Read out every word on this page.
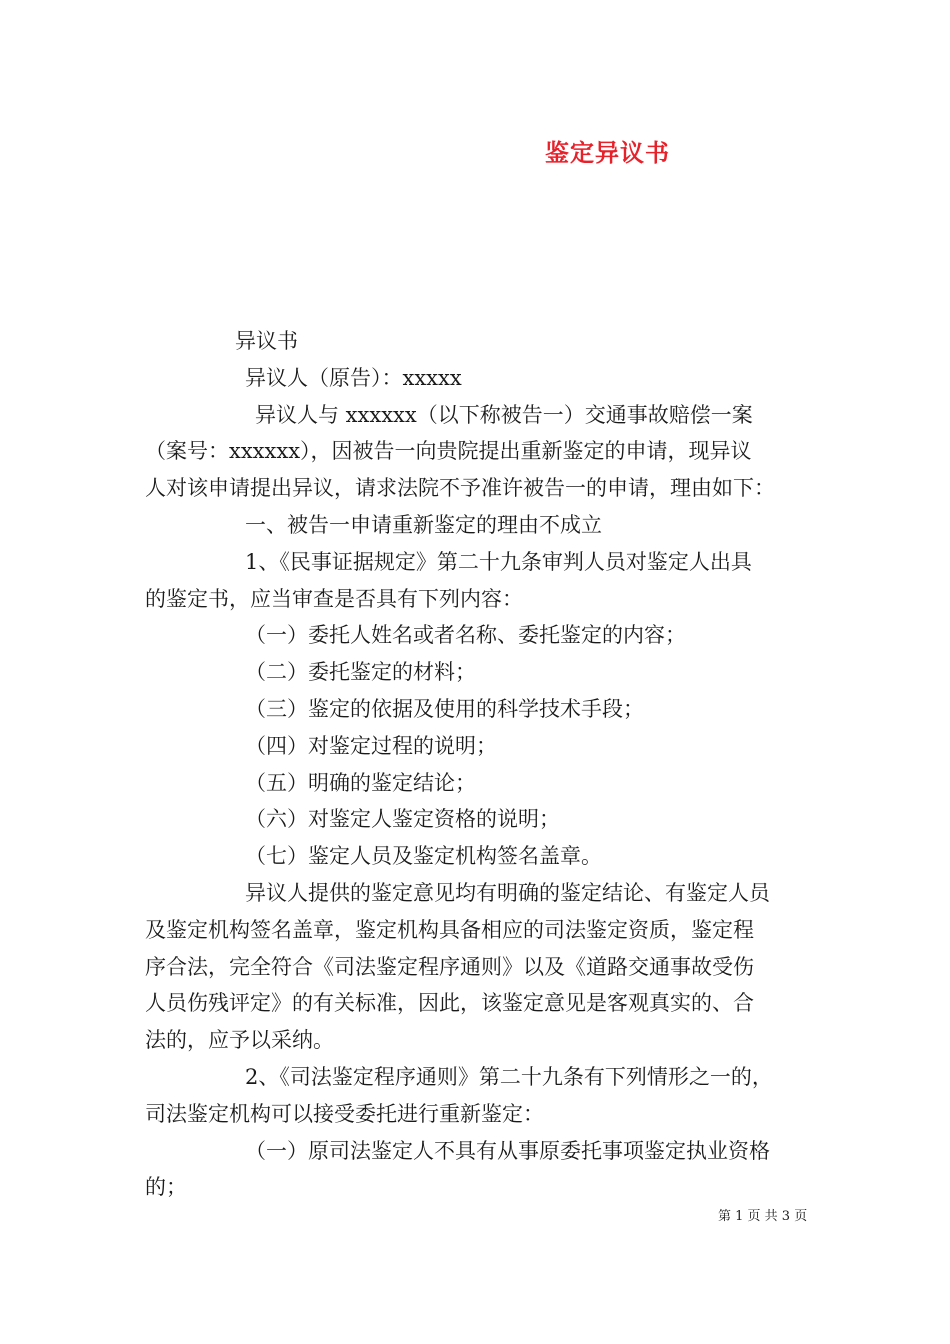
鉴定异议书
异议书
异议人（原告）：xxxxx
异议人与 xxxxxx（以下称被告一）交通事故赔偿一案
（案号：xxxxxx），因被告一向贵院提出重新鉴定的申请，现异议
人对该申请提出异议，请求法院不予准许被告一的申请，理由如下：
一、被告一申请重新鉴定的理由不成立
1、《民事证据规定》第二十九条审判人员对鉴定人出具
的鉴定书，应当审查是否具有下列内容：
（一）委托人姓名或者名称、委托鉴定的内容；
（二）委托鉴定的材料；
（三）鉴定的依据及使用的科学技术手段；
（四）对鉴定过程的说明；
（五）明确的鉴定结论；
（六）对鉴定人鉴定资格的说明；
（七）鉴定人员及鉴定机构签名盖章。
异议人提供的鉴定意见均有明确的鉴定结论、有鉴定人员
及鉴定机构签名盖章，鉴定机构具备相应的司法鉴定资质，鉴定程
序合法，完全符合《司法鉴定程序通则》以及《道路交通事故受伤
人员伤残评定》的有关标准，因此，该鉴定意见是客观真实的、合
法的，应予以采纳。
2、《司法鉴定程序通则》第二十九条有下列情形之一的，
司法鉴定机构可以接受委托进行重新鉴定：
（一）原司法鉴定人不具有从事原委托事项鉴定执业资格
的；
第 1 页 共 3 页
